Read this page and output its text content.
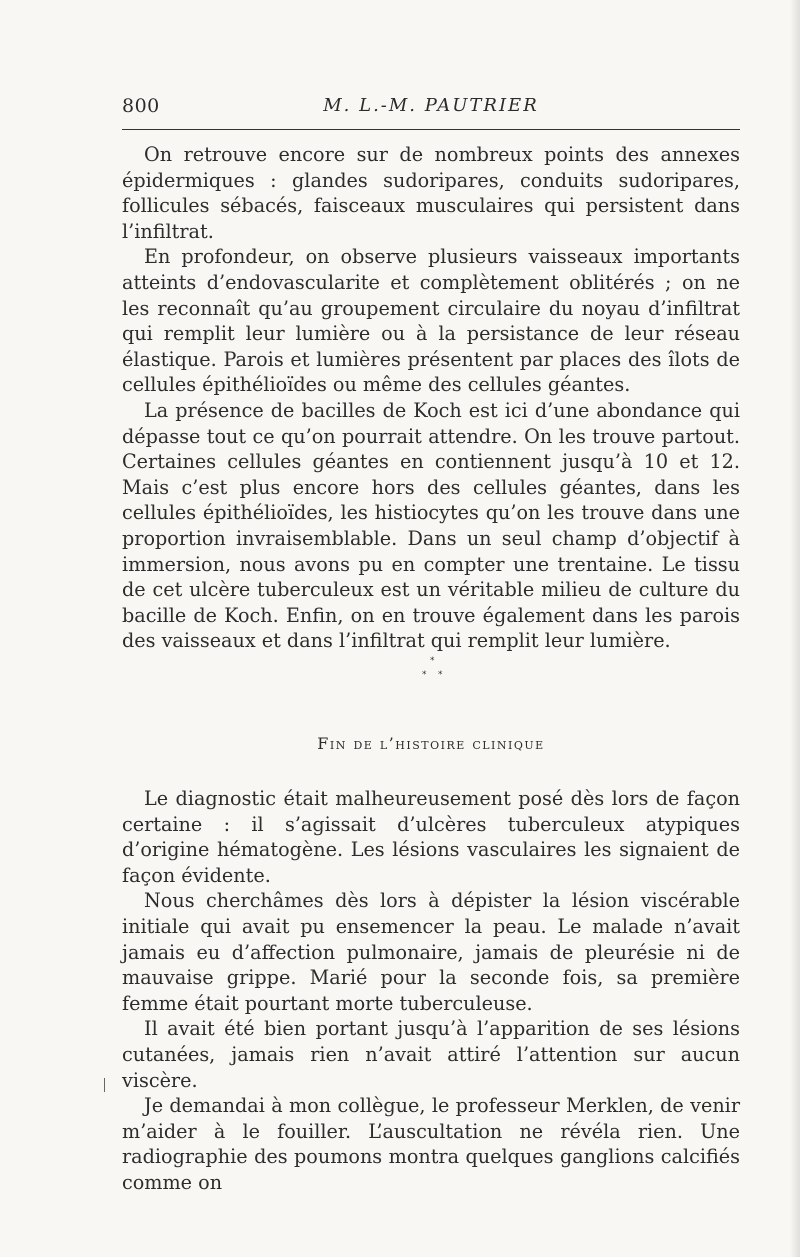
800	M. L.-M. PAUTRIER

On retrouve encore sur de nombreux points des annexes épidermiques : glandes sudoripares, conduits sudoripares, follicules sébacés, faisceaux musculaires qui persistent dans l’infiltrat.

En profondeur, on observe plusieurs vaisseaux importants atteints d’endovascularite et complètement oblitérés ; on ne les reconnaît qu’au groupement circulaire du noyau d’infiltrat qui remplit leur lumière ou à la persistance de leur réseau élastique. Parois et lumières présentent par places des îlots de cellules épithélioïdes ou même des cellules géantes.

La présence de bacilles de Koch est ici d’une abondance qui dépasse tout ce qu’on pourrait attendre. On les trouve partout. Certaines cellules géantes en contiennent jusqu’à 10 et 12. Mais c’est plus encore hors des cellules géantes, dans les cellules épithélioïdes, les histiocytes qu’on les trouve dans une proportion invraisemblable. Dans un seul champ d’objectif à immersion, nous avons pu en compter une trentaine. Le tissu de cet ulcère tuberculeux est un véritable milieu de culture du bacille de Koch. Enfin, on en trouve également dans les parois des vaisseaux et dans l’infiltrat qui remplit leur lumière.

*
* *
Fin de l’histoire clinique

Le diagnostic était malheureusement posé dès lors de façon certaine : il s’agissait d’ulcères tuberculeux atypiques d’origine hématogène. Les lésions vasculaires les signaient de façon évidente.

Nous cherchâmes dès lors à dépister la lésion viscérable initiale qui avait pu ensemencer la peau. Le malade n’avait jamais eu d’affection pulmonaire, jamais de pleurésie ni de mauvaise grippe. Marié pour la seconde fois, sa première femme était pourtant morte tuberculeuse.

Il avait été bien portant jusqu’à l’apparition de ses lésions cutanées, jamais rien n’avait attiré l’attention sur aucun viscère.

Je demandai à mon collègue, le professeur Merklen, de venir m’aider à le fouiller. L’auscultation ne révéla rien. Une radiographie des poumons montra quelques ganglions calcifiés comme on
